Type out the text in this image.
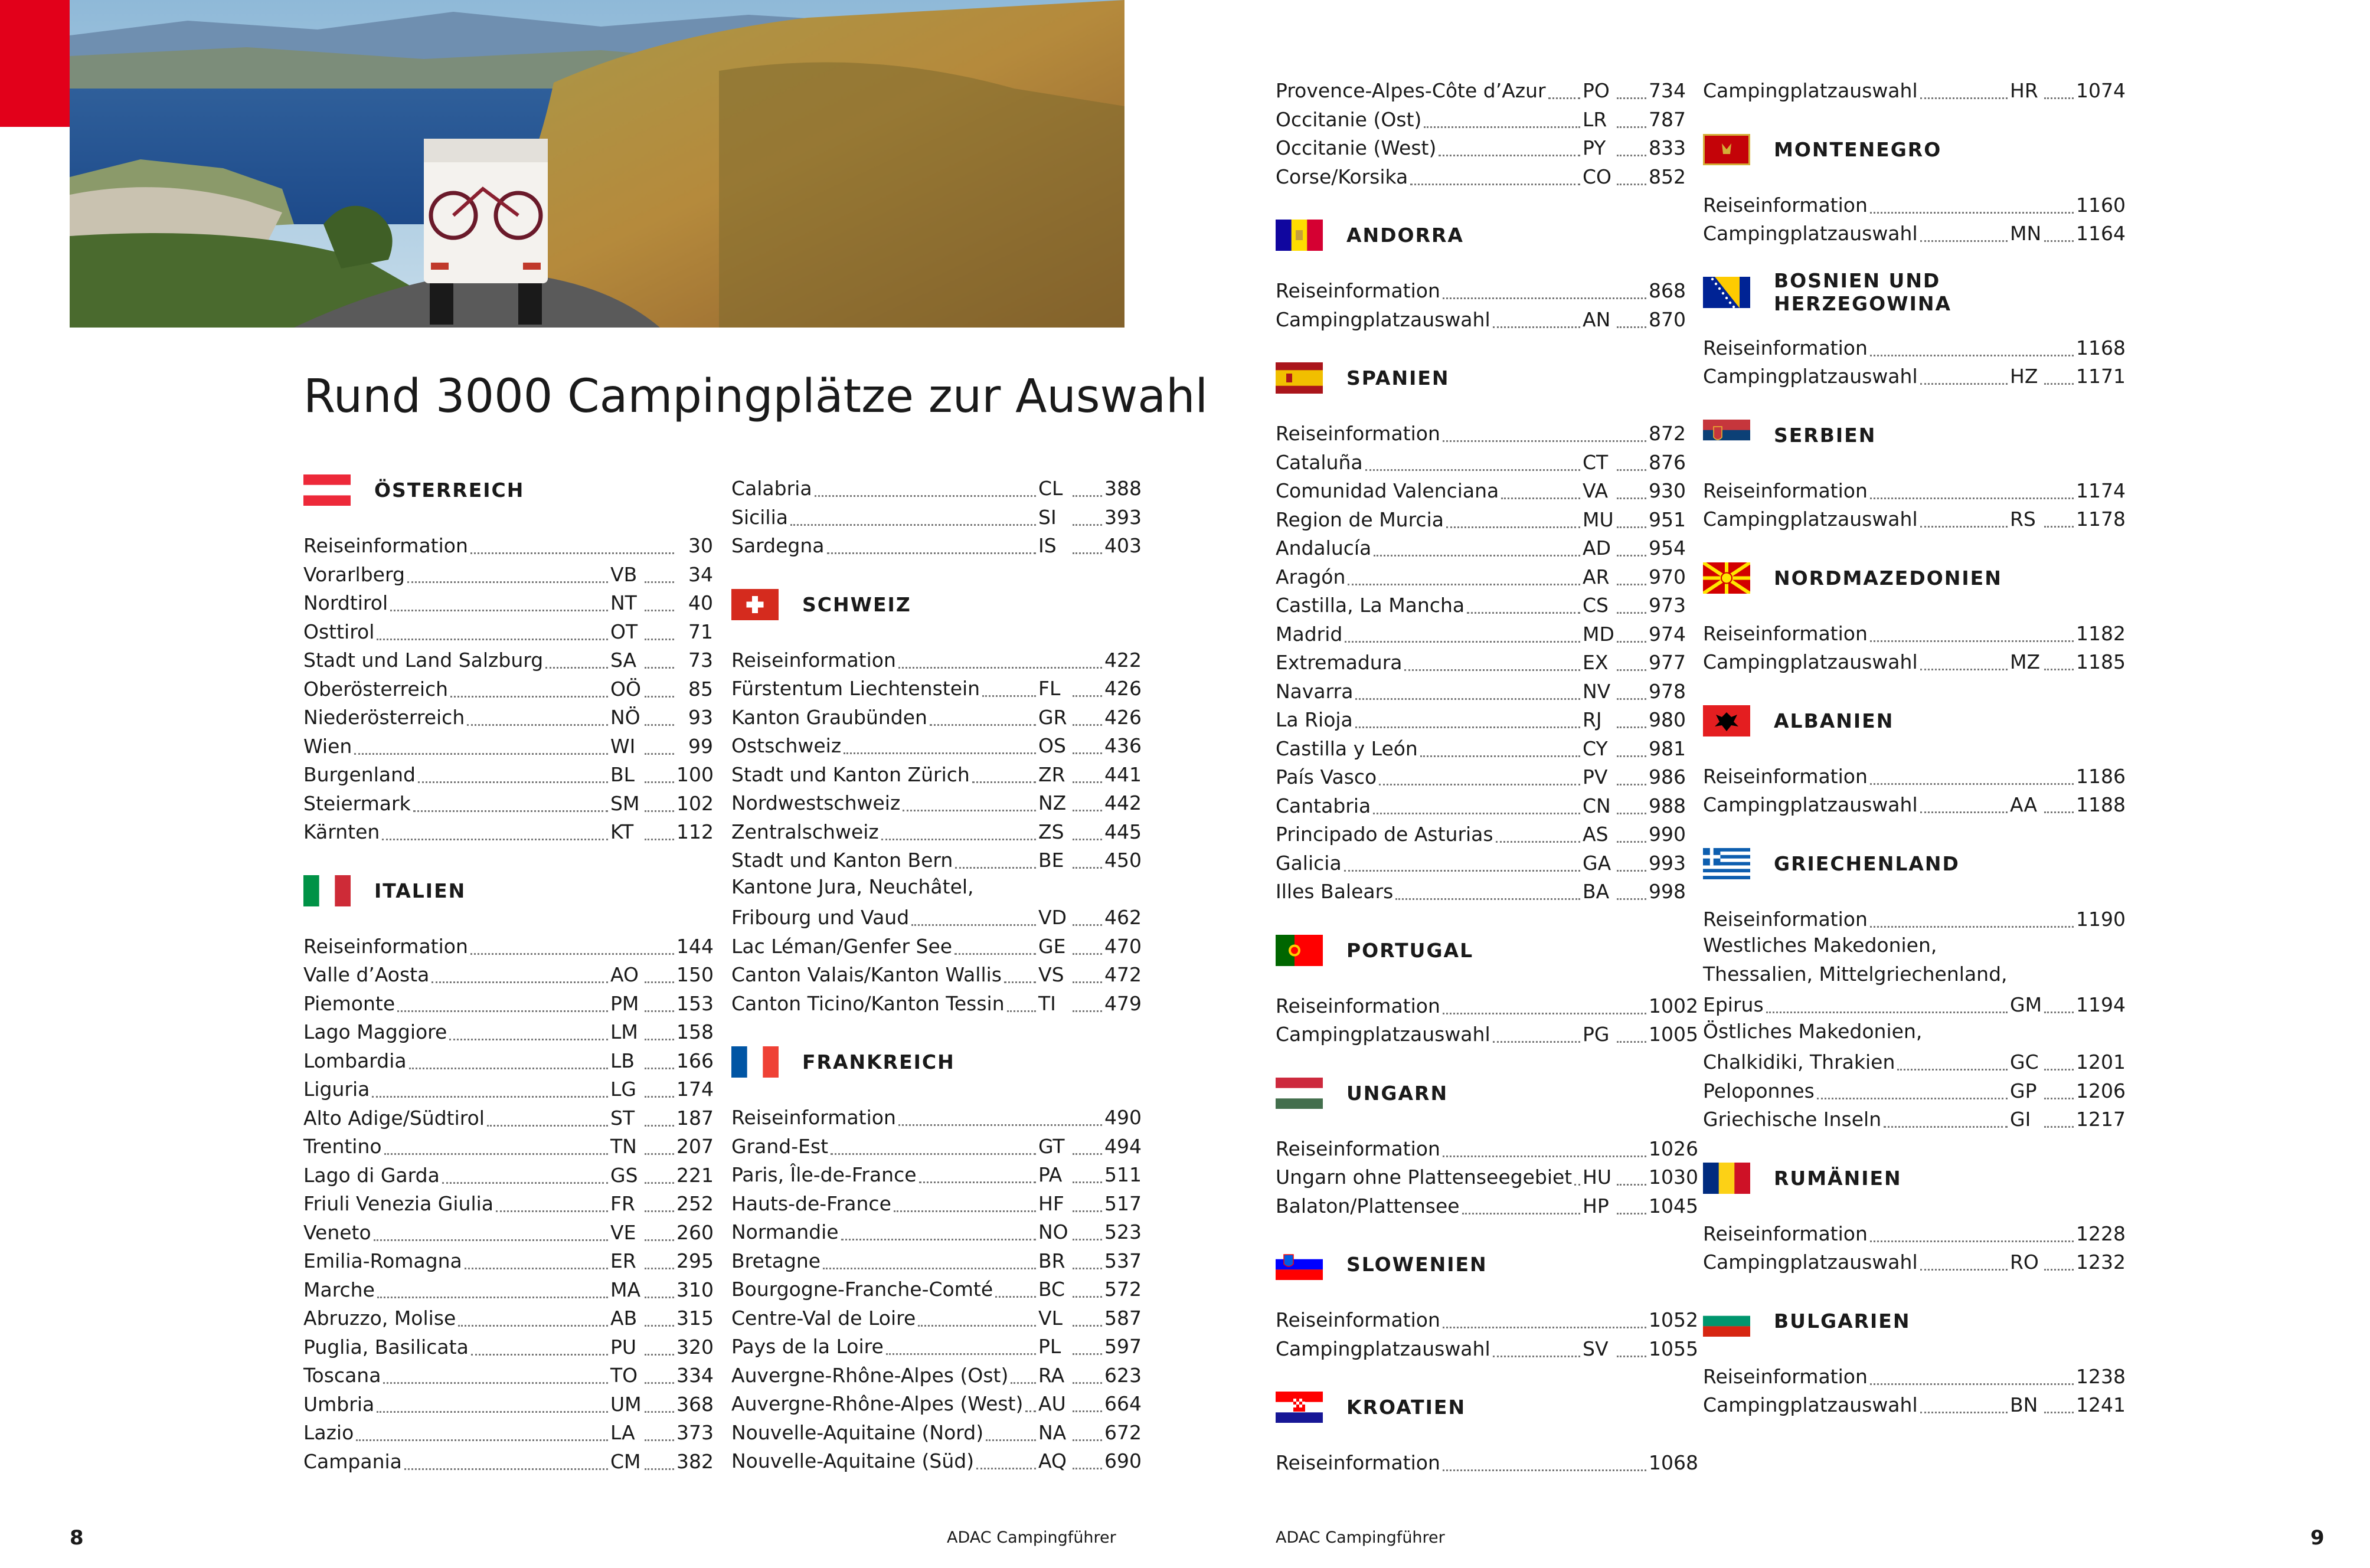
Rund 3000 Campingplätze zur Auswahl
ÖSTERREICH
Reiseinformation	30
Vorarlberg	VB	34
Nordtirol	NT	40
Osttirol	OT	71
Stadt und Land Salzburg	SA	73
Oberösterreich	OÖ	85
Niederösterreich	NÖ	93
Wien	WI	99
Burgenland	BL	100
Steiermark	SM 102
Kärnten	KT	112
ITALIEN
Reiseinformation	144
Valle d’Aosta	AO	150
Piemonte	PM 153
Lago Maggiore	LM	158
Lombardia	LB	166
Liguria	LG	174
Alto Adige/Südtirol	ST	187
Trentino	TN	207
Lago di Garda	GS	221
Friuli Venezia Giulia	FR	252
Veneto	VE	260
Emilia-Romagna	ER	295
Marche	MA 310
Abruzzo, Molise	AB	315
Puglia, Basilicata	PU	320
Toscana	TO	334
Umbria	UM 368
Lazio	LA	373
Campania	CM 382
Calabria	CL	388
Sicilia	SI	393
Sardegna	IS	403
SCHWEIZ
Reiseinformation	422
Fürstentum Liechtenstein	FL	426
Kanton Graubünden	GR 426
Ostschweiz	OS	436
Stadt und Kanton Zürich	ZR	441
Nordwestschweiz	NZ	442
Zentralschweiz	ZS	445
Stadt und Kanton Bern	BE	450
Kantone Jura, Neuchâtel,
Fribourg und Vaud	VD	462
Lac Léman/Genfer See	GE	470
Canton Valais/Kanton Wallis VS	472
Canton Ticino/Kanton Tessin TI	479
FRANKREICH
Reiseinformation	490
Grand-Est	GT	494
Paris, Île-de-France	PA	511
Hauts-de-France	HF	517
Normandie	NO 523
Bretagne	BR	537
Bourgogne-Franche-Comté BC	572
Centre-Val de Loire	VL	587
Pays de la Loire	PL	597
Auvergne-Rhône-Alpes (Ost) RA	623
Auvergne-Rhône-Alpes (West) AU	664
Nouvelle-Aquitaine (Nord)	NA	672
Nouvelle-Aquitaine (Süd)	AQ	690
Provence-Alpes-Côte d’Azur PO	734
Occitanie (Ost)	LR	787
Occitanie (West)	PY	833
Corse/Korsika	CO 852
ANDORRA
Reiseinformation	868
Campingplatzauswahl	AN	870
SPANIEN
Reiseinformation	872
Cataluña	CT	876
Comunidad Valenciana	VA	930
Region de Murcia	MU 951
Andalucía	AD	954
Aragón	AR	970
Castilla, La Mancha	CS	973
Madrid	MD 974
Extremadura	EX	977
Navarra	NV	978
La Rioja	RJ	980
Castilla y León	CY	981
País Vasco	PV	986
Cantabria	CN	988
Principado de Asturias	AS	990
Galicia	GA 993
Illes Balears	BA	998
PORTUGAL
Reiseinformation	1002
Campingplatzauswahl	PG	1005
UNGARN
Reiseinformation	1026
Ungarn ohne Plattenseegebiet HU 1030
Balaton/Plattensee	HP	1045
SLOWENIEN
Reiseinformation	1052
Campingplatzauswahl	SV	1055
KROATIEN
Reiseinformation	1068
Campingplatzauswahl	HR	1074
MONTENEGRO
Reiseinformation	1160
Campingplatzauswahl	MN 1164
BOSNIEN UND HERZEGOWINA
Reiseinformation	1168
Campingplatzauswahl	HZ	1171
SERBIEN
Reiseinformation	1174
Campingplatzauswahl	RS	1178
NORDMAZEDONIEN
Reiseinformation	1182
Campingplatzauswahl	MZ 1185
ALBANIEN
Reiseinformation	1186
Campingplatzauswahl	AA	1188
GRIECHENLAND
Reiseinformation	1190
Westliches Makedonien,
Thessalien, Mittelgriechenland,
Epirus	GM 1194
Östliches Makedonien,
Chalkidiki, Thrakien	GC 1201
Peloponnes	GP	1206
Griechische Inseln	GI	1217
RUMÄNIEN
Reiseinformation	1228
Campingplatzauswahl	RO 1232
BULGARIEN
Reiseinformation	1238
Campingplatzauswahl	BN	1241
8	ADAC Campingführer	ADAC Campingführer	9
